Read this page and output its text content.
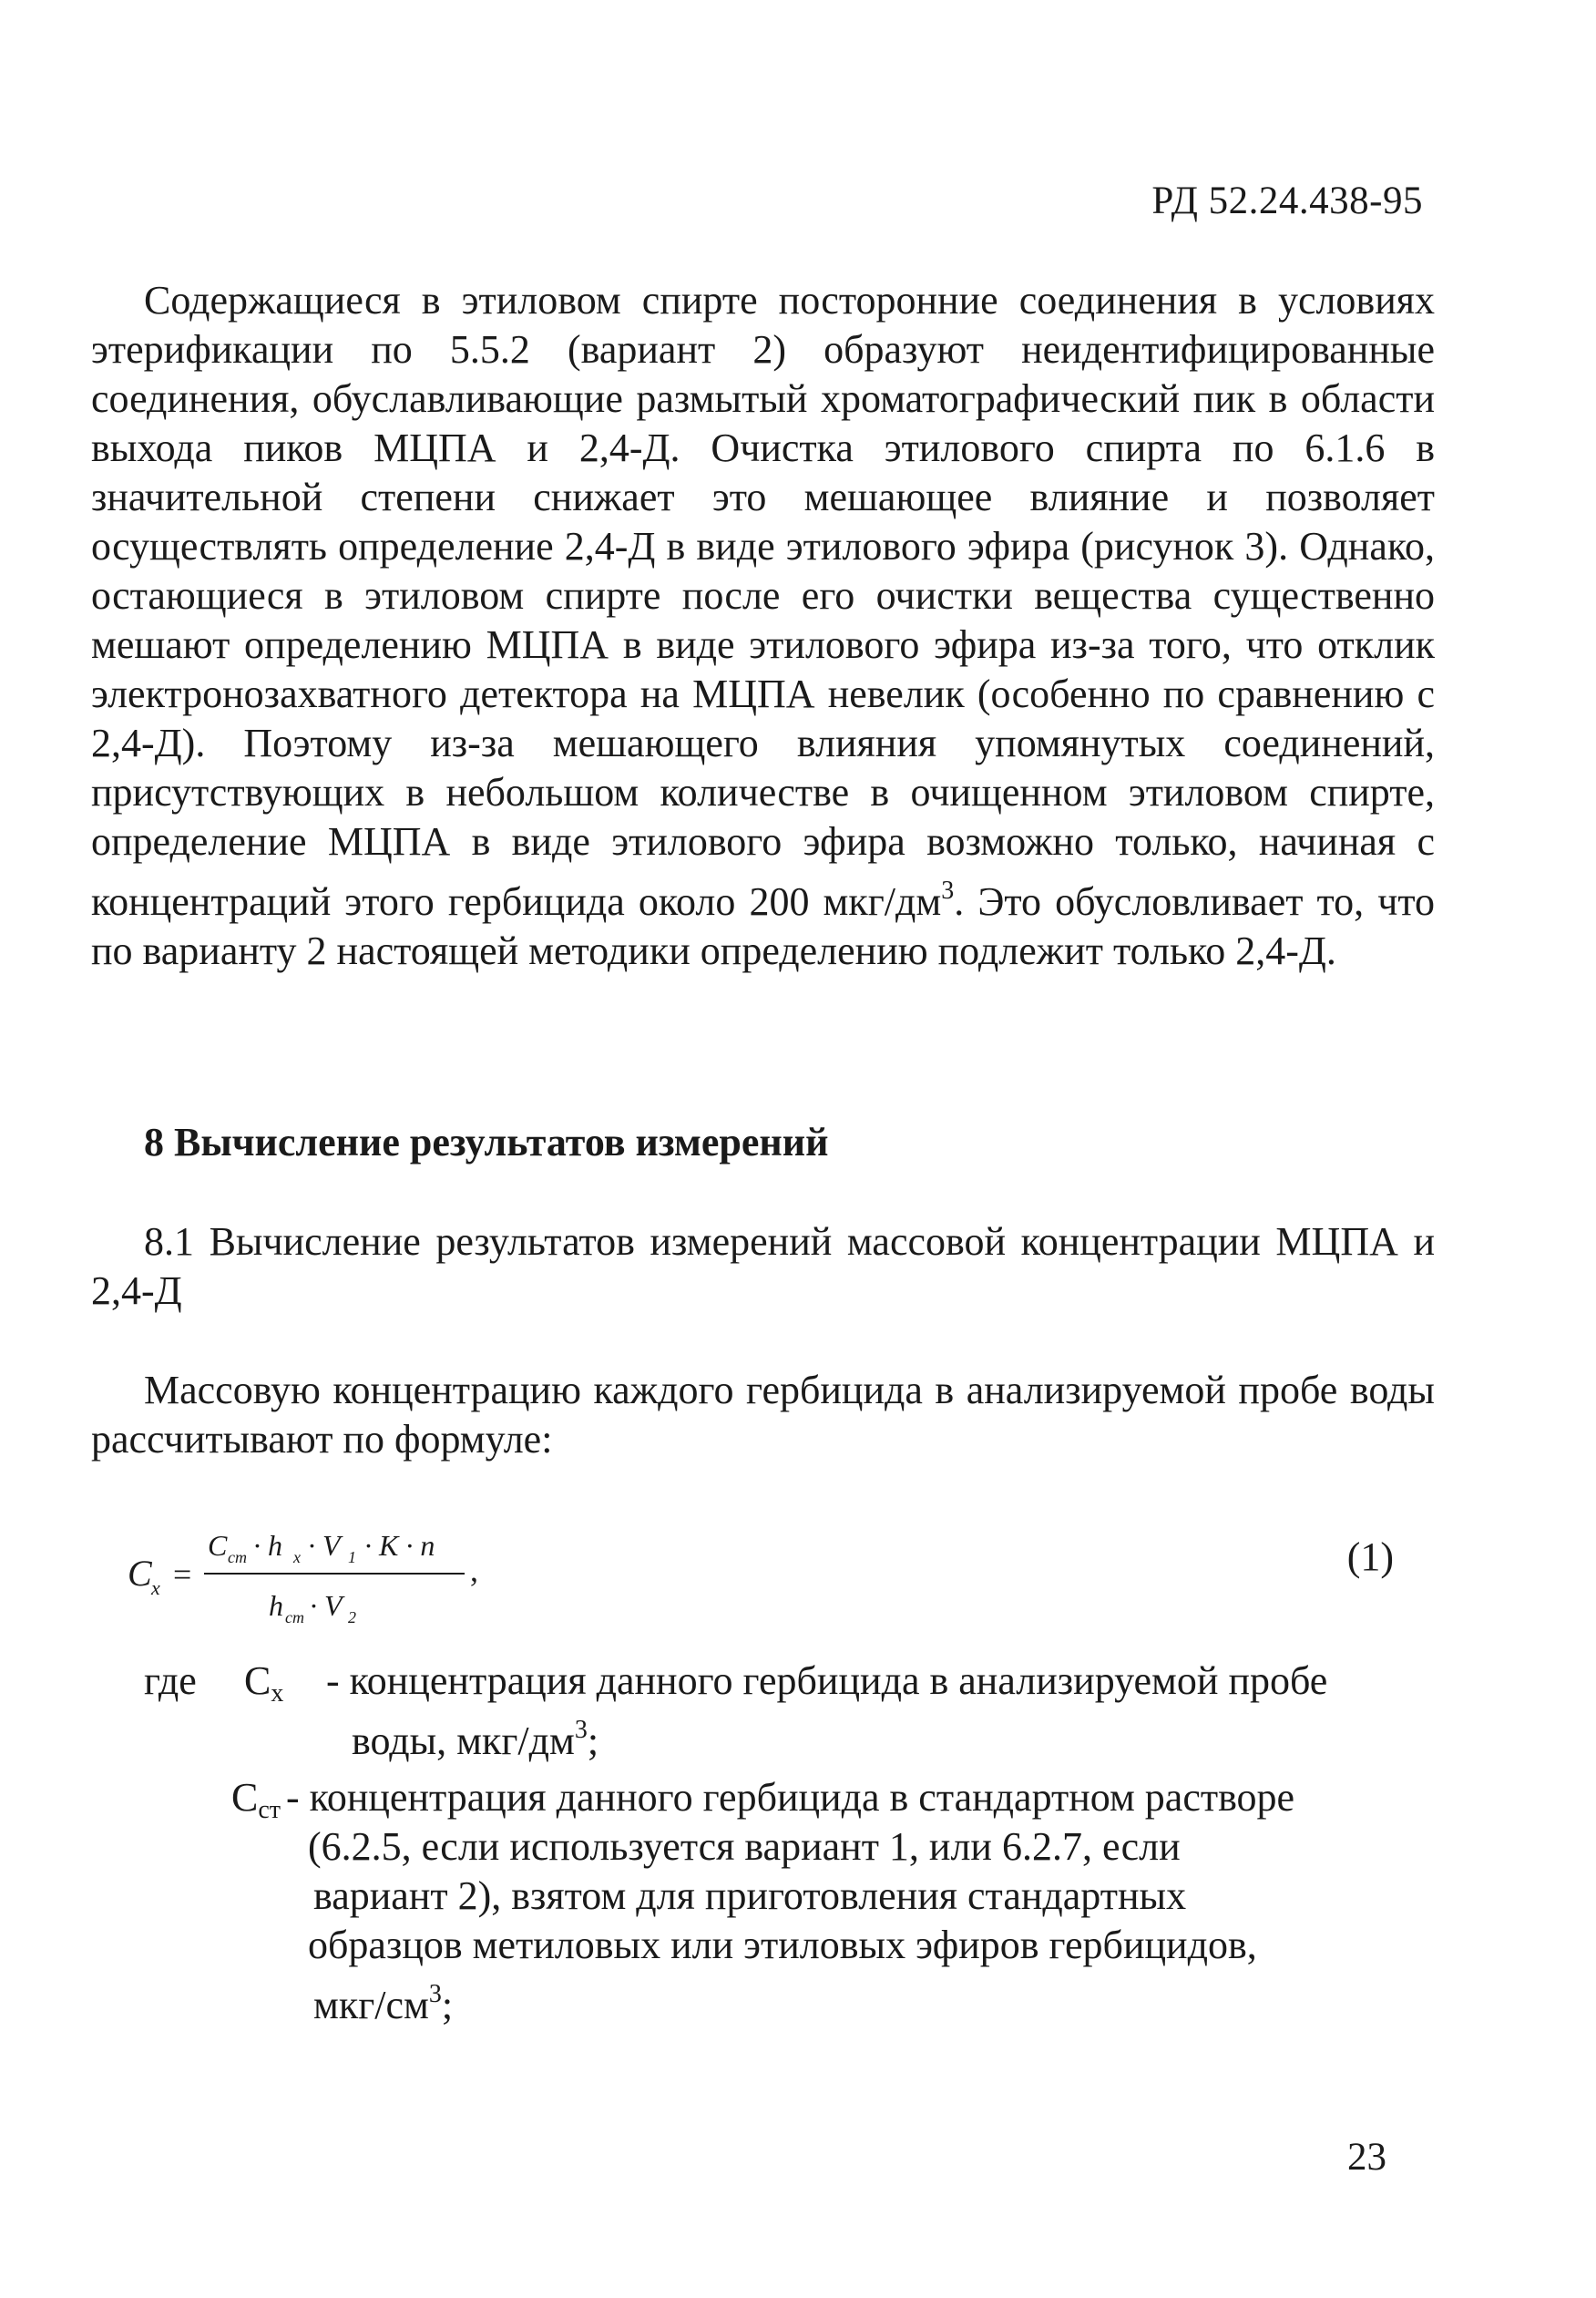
РД 52.24.438-95

Содержащиеся в этиловом спирте посторонние соединения в условиях этерификации по 5.5.2 (вариант 2) образуют неидентифицированные соединения, обуславливающие размытый хроматографический пик в области выхода пиков МЦПА и 2,4-Д. Очистка этилового спирта по 6.1.6 в значительной степени снижает это мешающее влияние и позволяет осуществлять определение 2,4-Д в виде этилового эфира (рисунок 3). Однако, остающиеся в этиловом спирте после его очистки вещества существенно мешают определению МЦПА в виде этилового эфира из-за того, что отклик электронозахватного детектора на МЦПА невелик (особенно по сравнению с 2,4-Д). Поэтому из-за мешающего влияния упомянутых соединений, присутствующих в небольшом количестве в очищенном этиловом спирте, определение МЦПА в виде этилового эфира возможно только, начиная с концентраций этого гербицида около 200 мкг/$дм^3$. Это обусловливает то, что по варианту 2 настоящей методики определению подлежит только 2,4-Д.

8 Вычисление результатов измерений

8.1 Вычисление результатов измерений массовой концентрации МЦПА и 2,4-Д

Массовую концентрацию каждого гербицида в анализируемой пробе воды рассчитывают по формуле:

C x =
C ст · h x · V 1 · K · n
h ст · V 2
,	(1)
где	$C_x$	- концентрация данного гербицида в анализируемой пробе
воды, мкг/$дм^3$;
$C_{ст}$ - концентрация данного гербицида в стандартном растворе
(6.2.5, если используется вариант 1, или 6.2.7, если
вариант 2), взятом для приготовления стандартных
образцов метиловых или этиловых эфиров гербицидов,
мкг/$см^3$;
23
